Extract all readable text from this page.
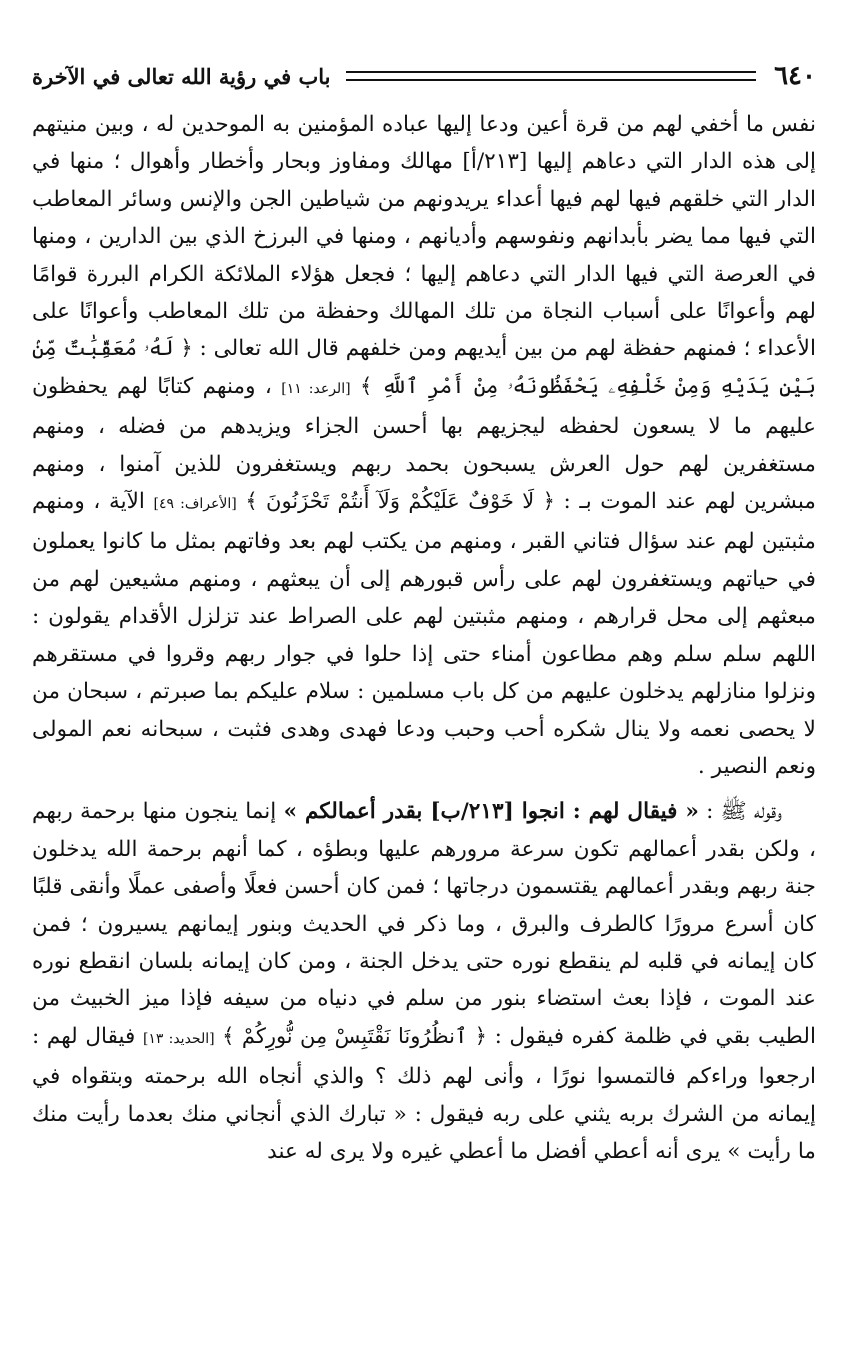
٦٤٠
باب في رؤية الله تعالى في الآخرة

نفس ما أخفي لهم من قرة أعين ودعا إليها عباده المؤمنين به الموحدين له ، وبين منيتهم إلى هذه الدار التي دعاهم إليها [٢١٣/أ] مهالك ومفاوز وبحار وأخطار وأهوال ؛ منها في الدار التي خلقهم فيها لهم فيها أعداء يريدونهم من شياطين الجن والإنس وسائر المعاطب التي فيها مما يضر بأبدانهم ونفوسهم وأديانهم ، ومنها في البرزخ الذي بين الدارين ، ومنها في العرصة التي فيها الدار التي دعاهم إليها ؛ فجعل هؤلاء الملائكة الكرام البررة قوامًا لهم وأعوانًا على أسباب النجاة من تلك المهالك وحفظة من تلك المعاطب وأعوانًا على الأعداء ؛ فمنهم حفظة لهم من بين أيديهم ومن خلفهم قال الله تعالى : ﴿ لَهُۥ مُعَقِّبَٰتٌ مِّنۢ بَيْنِ يَدَيْهِ وَمِنْ خَلْفِهِۦ يَحْفَظُونَهُۥ مِنْ أَمْرِ ٱللَّهِ ﴾ [الرعد: ١١] ، ومنهم كتابًا لهم يحفظون عليهم ما لا يسعون لحفظه ليجزيهم بها أحسن الجزاء ويزيدهم من فضله ، ومنهم مستغفرين لهم حول العرش يسبحون بحمد ربهم ويستغفرون للذين آمنوا ، ومنهم مبشرين لهم عند الموت بـ : ﴿ لَا خَوْفٌ عَلَيْكُمْ وَلَآ أَنتُمْ تَحْزَنُونَ ﴾ [الأعراف: ٤٩] الآية ، ومنهم مثبتين لهم عند سؤال فتاني القبر ، ومنهم من يكتب لهم بعد وفاتهم بمثل ما كانوا يعملون في حياتهم ويستغفرون لهم على رأس قبورهم إلى أن يبعثهم ، ومنهم مشيعين لهم من مبعثهم إلى محل قرارهم ، ومنهم مثبتين لهم على الصراط عند تزلزل الأقدام يقولون : اللهم سلم سلم وهم مطاعون أمناء حتى إذا حلوا في جوار ربهم وقروا في مستقرهم ونزلوا منازلهم يدخلون عليهم من كل باب مسلمين : سلام عليكم بما صبرتم ، سبحان من لا يحصى نعمه ولا ينال شكره أحب وحبب ودعا فهدى وهدى فثبت ، سبحانه نعم المولى ونعم النصير .

وقوله ﷺ : « فيقال لهم : انجوا [٢١٣/ب] بقدر أعمالكم » إنما ينجون منها برحمة ربهم ، ولكن بقدر أعمالهم تكون سرعة مرورهم عليها وبطؤه ، كما أنهم برحمة الله يدخلون جنة ربهم وبقدر أعمالهم يقتسمون درجاتها ؛ فمن كان أحسن فعلًا وأصفى عملًا وأنقى قلبًا كان أسرع مرورًا كالطرف والبرق ، وما ذكر في الحديث وبنور إيمانهم يسيرون ؛ فمن كان إيمانه في قلبه لم ينقطع نوره حتى يدخل الجنة ، ومن كان إيمانه بلسان انقطع نوره عند الموت ، فإذا بعث استضاء بنور من سلم في دنياه من سيفه فإذا ميز الخبيث من الطيب بقي في ظلمة كفره فيقول : ﴿ ٱنظُرُونَا نَقْتَبِسْ مِن نُّورِكُمْ ﴾ [الحديد: ١٣] فيقال لهم : ارجعوا وراءكم فالتمسوا نورًا ، وأنى لهم ذلك ؟ والذي أنجاه الله برحمته وبتقواه في إيمانه من الشرك بربه يثني على ربه فيقول : « تبارك الذي أنجاني منك بعدما رأيت منك ما رأيت » يرى أنه أعطي أفضل ما أعطي غيره ولا يرى له عند
